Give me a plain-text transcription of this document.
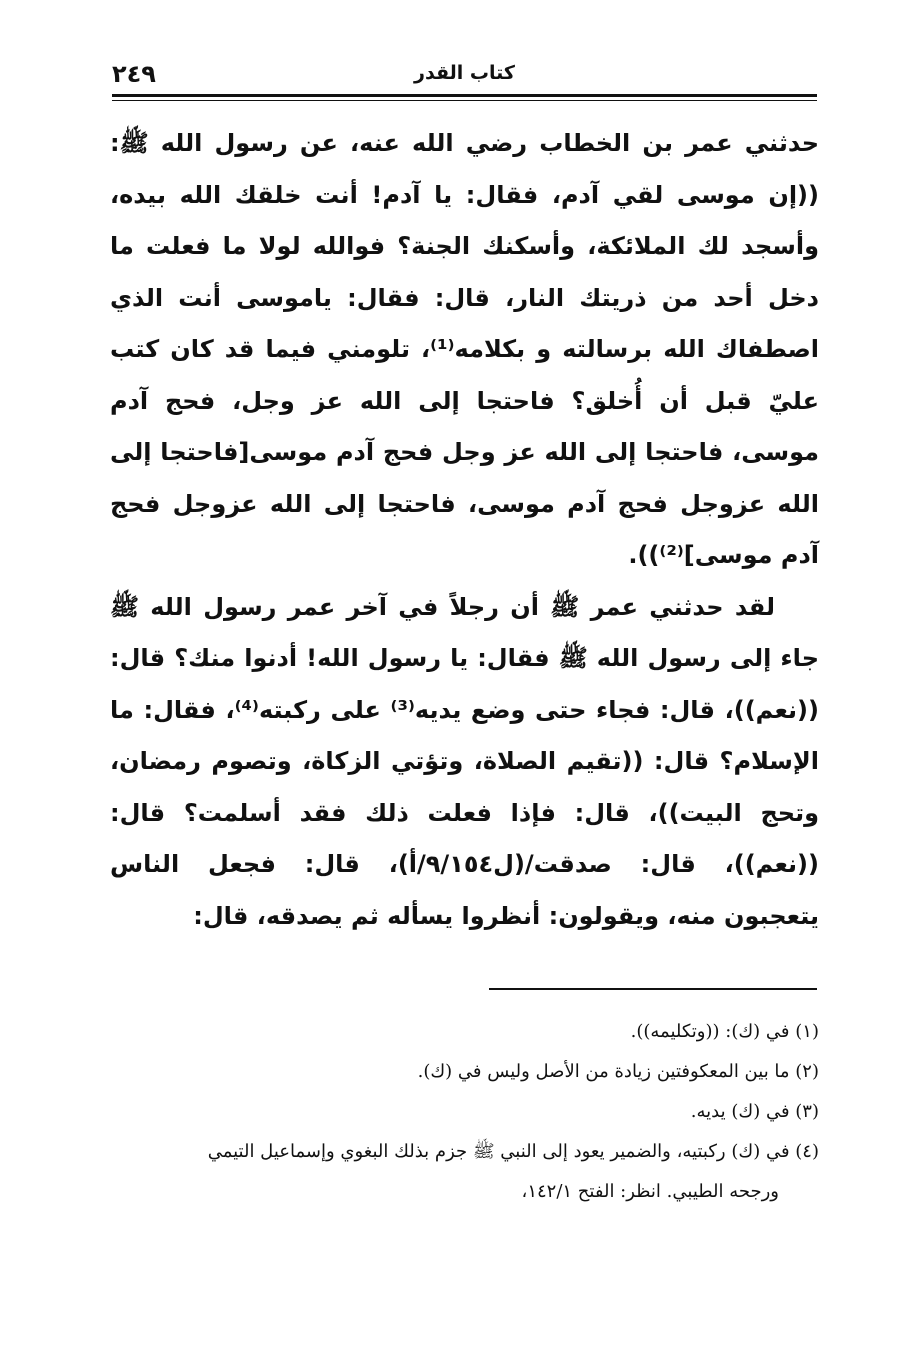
٢٤٩	كتاب القدر

حدثني عمر بن الخطاب رضي الله عنه، عن رسول الله ﷺ: ((إن موسى لقي آدم، فقال: يا آدم! أنت خلقك الله بيده، وأسجد لك الملائكة، وأسكنك الجنة؟ فوالله لولا ما فعلت ما دخل أحد من ذريتك النار، قال: فقال: ياموسى أنت الذي اصطفاك الله برسالته و بكلامه⁽¹⁾، تلومني فيما قد كان كتب عليّ قبل أن أُخلق؟ فاحتجا إلى الله عز وجل، فحج آدم موسى، فاحتجا إلى الله عز وجل فحج آدم موسى[فاحتجا إلى الله عزوجل فحج آدم موسى، فاحتجا إلى الله عزوجل فحج آدم موسى]⁽²⁾)).

لقد حدثني عمر ﷺ أن رجلاً في آخر عمر رسول الله ﷺ جاء إلى رسول الله ﷺ فقال: يا رسول الله! أدنوا منك؟ قال: ((نعم))، قال: فجاء حتى وضع يديه⁽³⁾ على ركبته⁽⁴⁾، فقال: ما الإسلام؟ قال: ((تقيم الصلاة، وتؤتي الزكاة، وتصوم رمضان، وتحج البيت))، قال: فإذا فعلت ذلك فقد أسلمت؟ قال: ((نعم))، قال: صدقت/(ل٩/١٥٤/أ)، قال: فجعل الناس يتعجبون منه، ويقولون: أنظروا يسأله ثم يصدقه، قال:

(١) في (ك): ((وتكليمه)).

(٢) ما بين المعكوفتين زيادة من الأصل وليس في (ك).

(٣) في (ك) يديه.

(٤) في (ك) ركبتيه، والضمير يعود إلى النبي ﷺ جزم بذلك البغوي وإسماعيل التيمي

ورجحه الطيبي. انظر: الفتح ١٤٢/١،
